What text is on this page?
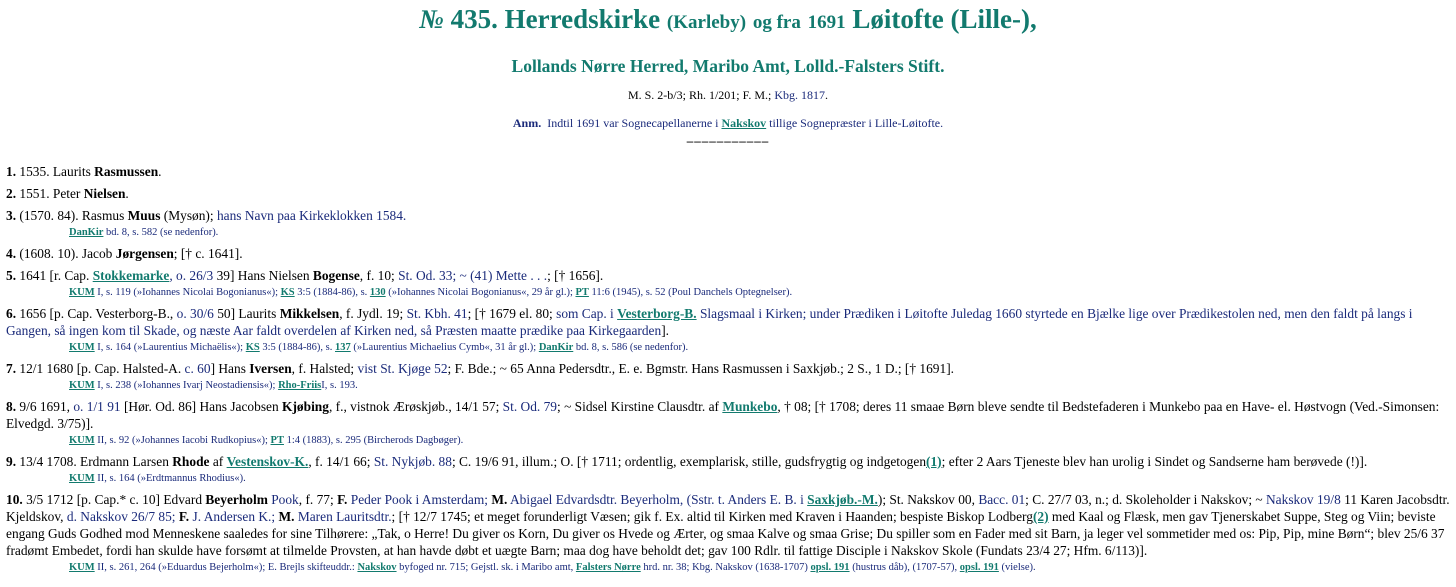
№ 435. Herredskirke (Karleby) og fra 1691 Løitofte (Lille-),
Lollands Nørre Herred, Maribo Amt, Lolld.-Falsters Stift.
M. S. 2-b/3; Rh. 1/201; F. M.; Kbg. 1817.
Anm. Indtil 1691 var Sognecapellanerne i Nakskov tillige Sognepræster i Lille-Løitofte.
‒‒‒‒‒‒‒‒‒‒‒

1. 1535. Laurits Rasmussen.

2. 1551. Peter Nielsen.

3. (1570. 84). Rasmus Muus (Mysøn); hans Navn paa Kirkeklokken 1584.

DanKir bd. 8, s. 582 (se nedenfor).

4. (1608. 10). Jacob Jørgensen; [† c. 1641].

5. 1641 [r. Cap. Stokkemarke, o. 26/3 39] Hans Nielsen Bogense, f. 10; St. Od. 33; ~ (41) Mette . . .; [† 1656].

KUM I, s. 119 (»Iohannes Nicolai Bogonianus«); KS 3:5 (1884-86), s. 130 (»Iohannes Nicolai Bogonianus«, 29 år gl.); PT 11:6 (1945), s. 52 (Poul Danchels Optegnelser).

6. 1656 [p. Cap. Vesterborg-B., o. 30/6 50] Laurits Mikkelsen, f. Jydl. 19; St. Kbh. 41; [† 1679 el. 80; som Cap. i Vesterborg-B. Slagsmaal i Kirken; under Prædiken i Løitofte Juledag 1660 styrtede en Bjælke lige over Prædikestolen ned, men den faldt på langs i Gangen, så ingen kom til Skade, og næste Aar faldt overdelen af Kirken ned, så Præsten maatte prædike paa Kirkegaarden].

KUM I, s. 164 (»Laurentius Michaëlis«); KS 3:5 (1884-86), s. 137 (»Laurentius Michaelius Cymb«, 31 år gl.); DanKir bd. 8, s. 586 (se nedenfor).

7. 12/1 1680 [p. Cap. Halsted-A. c. 60] Hans Iversen, f. Halsted; vist St. Kjøge 52; F. Bde.; ~ 65 Anna Pedersdtr., E. e. Bgmstr. Hans Rasmussen i Saxkjøb.; 2 S., 1 D.; [† 1691].

KUM I, s. 238 (»Iohannes Ivarj Neostadiensis«); Rho-FriisI, s. 193.

8. 9/6 1691, o. 1/1 91 [Hør. Od. 86] Hans Jacobsen Kjøbing, f., vistnok Ærøskjøb., 14/1 57; St. Od. 79; ~ Sidsel Kirstine Clausdtr. af Munkebo, † 08; [† 1708; deres 11 smaae Børn bleve sendte til Bedstefaderen i Munkebo paa en Have- el. Høstvogn (Ved.-Simonsen: Elvedgd. 3/75)].

KUM II, s. 92 (»Johannes Iacobi Rudkopius«); PT 1:4 (1883), s. 295 (Bircherods Dagbøger).

9. 13/4 1708. Erdmann Larsen Rhode af Vestenskov-K., f. 14/1 66; St. Nykjøb. 88; C. 19/6 91, illum.; O. [† 1711; ordentlig, exemplarisk, stille, gudsfrygtig og indgetogen(1); efter 2 Aars Tjeneste blev han urolig i Sindet og Sandserne ham berøvede (!)].

KUM II, s. 164 (»Erdtmannus Rhodius«).

10. 3/5 1712 [p. Cap.* c. 10] Edvard Beyerholm Pook, f. 77; F. Peder Pook i Amsterdam; M. Abigael Edvardsdtr. Beyerholm, (Sstr. t. Anders E. B. i Saxkjøb.-M.); St. Nakskov 00, Bacc. 01; C. 27/7 03, n.; d. Skoleholder i Nakskov; ~ Nakskov 19/8 11 Karen Jacobsdtr. Kjeldskov, d. Nakskov 26/7 85; F. J. Andersen K.; M. Maren Lauritsdtr.; [† 12/7 1745; et meget forunderligt Væsen; gik f. Ex. altid til Kirken med Kraven i Haanden; bespiste Biskop Lodberg(2) med Kaal og Flæsk, men gav Tjenerskabet Suppe, Steg og Viin; beviste engang Guds Godhed mod Menneskene saaledes for sine Tilhørere: „Tak, o Herre! Du giver os Korn, Du giver os Hvede og Ærter, og smaa Kalve og smaa Grise; Du spiller som en Fader med sit Barn, ja leger vel sommetider med os: Pip, Pip, mine Børn“; blev 25/6 37 fradømt Embedet, fordi han skulde have forsømt at tilmelde Provsten, at han havde døbt et uægte Barn; maa dog have beholdt det; gav 100 Rdlr. til fattige Disciple i Nakskov Skole (Fundats 23/4 27; Hfm. 6/113)].

KUM II, s. 261, 264 (»Eduardus Bejerholm«); E. Brejls skifteuddr.: Nakskov byfoged nr. 715; Gejstl. sk. i Maribo amt, Falsters Nørre hrd. nr. 38; Kbg. Nakskov (1638-1707) opsl. 191 (hustrus dåb), (1707-57), opsl. 191 (vielse).
